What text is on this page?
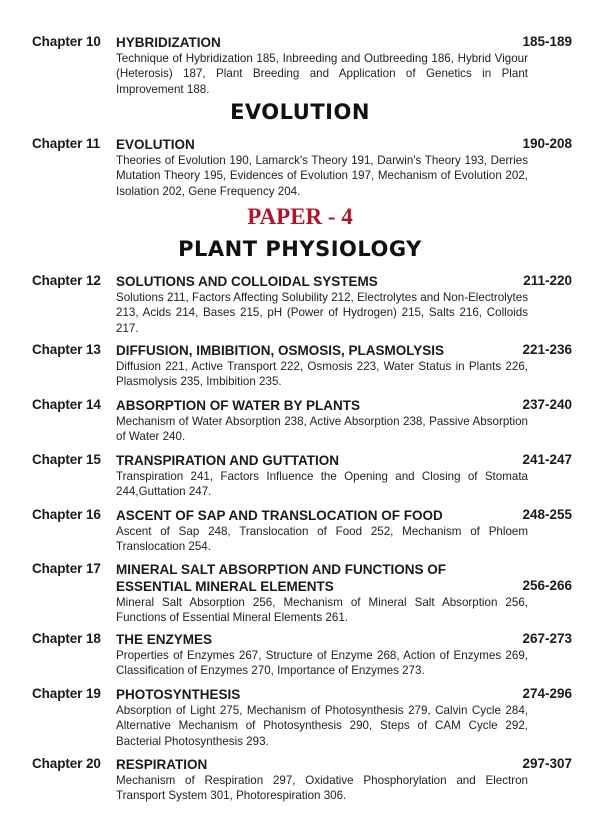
Chapter 10 HYBRIDIZATION	185-189
Technique of Hybridization 185, Inbreeding and Outbreeding 186, Hybrid Vigour (Heterosis) 187, Plant Breeding and Application of Genetics in Plant Improvement 188.
EVOLUTION
Chapter 11 EVOLUTION	190-208
Theories of Evolution 190, Lamarck's Theory 191, Darwin's Theory 193, Derries Mutation Theory 195, Evidences of Evolution 197, Mechanism of Evolution 202, Isolation 202, Gene Frequency 204.
PAPER - 4
PLANT PHYSIOLOGY
Chapter 12 SOLUTIONS AND COLLOIDAL SYSTEMS	211-220
Solutions 211, Factors Affecting Solubility 212, Electrolytes and Non-Electrolytes 213, Acids 214, Bases 215, pH (Power of Hydrogen) 215, Salts 216, Colloids 217.
Chapter 13 DIFFUSION, IMBIBITION, OSMOSIS, PLASMOLYSIS	221-236
Diffusion 221, Active Transport 222, Osmosis 223, Water Status in Plants 226, Plasmolysis 235, Imbibition 235.
Chapter 14 ABSORPTION OF WATER BY PLANTS	237-240
Mechanism of Water Absorption 238, Active Absorption 238, Passive Absorption of Water 240.
Chapter 15 TRANSPIRATION AND GUTTATION	241-247
Transpiration 241, Factors Influence the Opening and Closing of Stomata 244,Guttation 247.
Chapter 16 ASCENT OF SAP AND TRANSLOCATION OF FOOD	248-255
Ascent of Sap 248, Translocation of Food 252, Mechanism of Phloem Translocation 254.
Chapter 17 MINERAL SALT ABSORPTION AND FUNCTIONS OF ESSENTIAL MINERAL ELEMENTS	256-266
Mineral Salt Absorption 256, Mechanism of Mineral Salt Absorption 256, Functions of Essential Mineral Elements 261.
Chapter 18 THE ENZYMES	267-273
Properties of Enzymes 267, Structure of Enzyme 268, Action of Enzymes 269, Classification of Enzymes 270, Importance of Enzymes 273.
Chapter 19 PHOTOSYNTHESIS	274-296
Absorption of Light 275, Mechanism of Photosynthesis 279, Calvin Cycle 284, Alternative Mechanism of Photosynthesis 290, Steps of CAM Cycle 292, Bacterial Photosynthesis 293.
Chapter 20 RESPIRATION	297-307
Mechanism of Respiration 297, Oxidative Phosphorylation and Electron Transport System 301, Photorespiration 306.
